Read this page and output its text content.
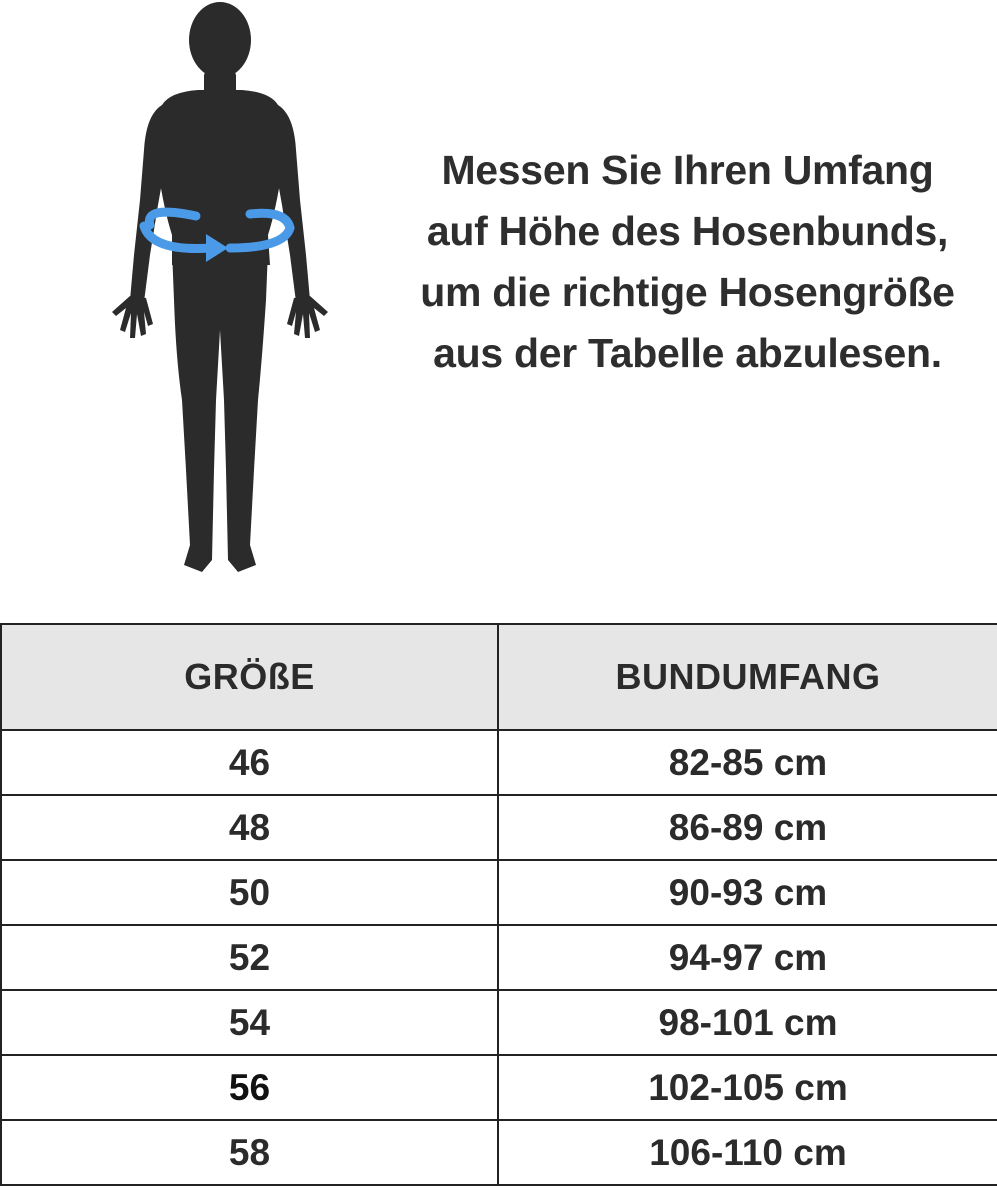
Messen Sie Ihren Umfang
auf Höhe des Hosenbunds,
um die richtige Hosengröße
aus der Tabelle abzulesen.
GRÖßE	BUNDUMFANG
46	82-85 cm
48	86-89 cm
50	90-93 cm
52	94-97 cm
54	98-101 cm
56	102-105 cm
58	106-110 cm
